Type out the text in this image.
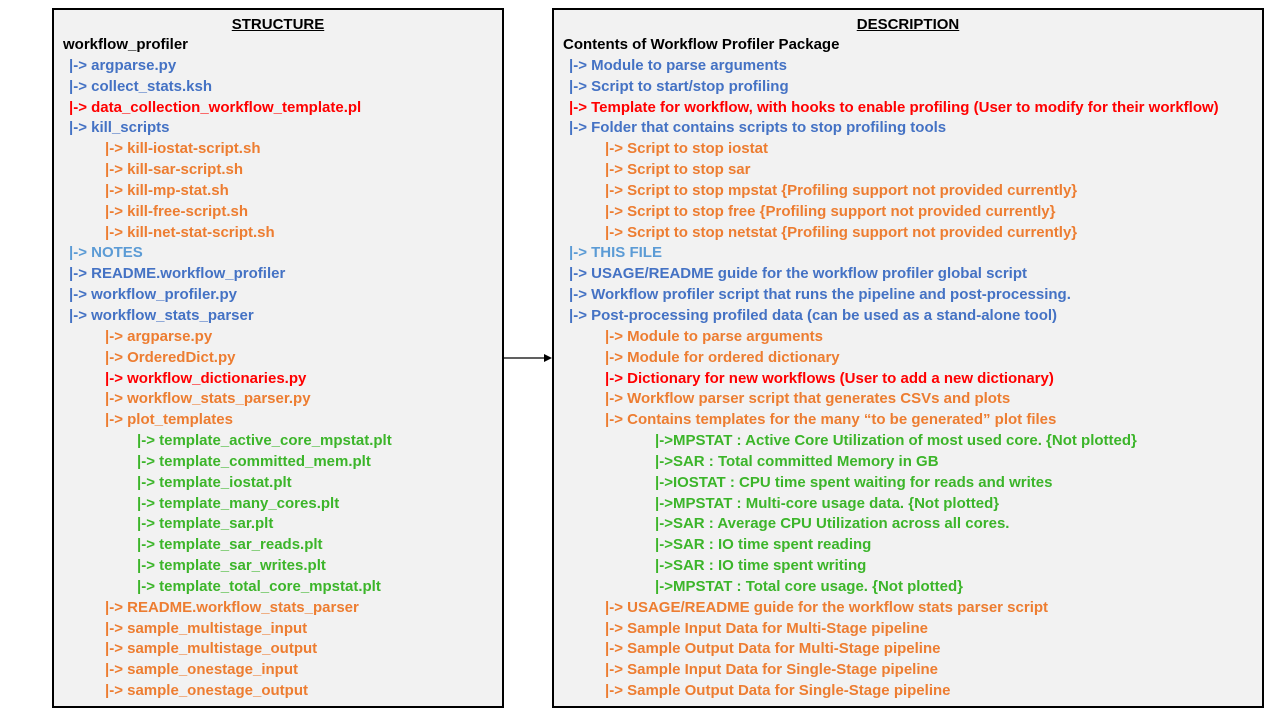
STRUCTURE
workflow_profiler
|-> argparse.py
|-> collect_stats.ksh
|-> data_collection_workflow_template.pl
|-> kill_scripts
|-> kill-iostat-script.sh
|-> kill-sar-script.sh
|-> kill-mp-stat.sh
|-> kill-free-script.sh
|-> kill-net-stat-script.sh
|-> NOTES
|-> README.workflow_profiler
|-> workflow_profiler.py
|-> workflow_stats_parser
|-> argparse.py
|-> OrderedDict.py
|-> workflow_dictionaries.py
|-> workflow_stats_parser.py
|-> plot_templates
|-> template_active_core_mpstat.plt
|-> template_committed_mem.plt
|-> template_iostat.plt
|-> template_many_cores.plt
|-> template_sar.plt
|-> template_sar_reads.plt
|-> template_sar_writes.plt
|-> template_total_core_mpstat.plt
|-> README.workflow_stats_parser
|-> sample_multistage_input
|-> sample_multistage_output
|-> sample_onestage_input
|-> sample_onestage_output
DESCRIPTION
Contents of Workflow Profiler Package
|-> Module to parse arguments
|-> Script to start/stop profiling
|-> Template for workflow, with hooks to enable profiling (User to modify for their workflow)
|-> Folder that contains scripts to stop profiling tools
|-> Script to stop iostat
|-> Script to stop sar
|-> Script to stop mpstat {Profiling support not provided currently}
|-> Script to stop free {Profiling support not provided currently}
|-> Script to stop netstat {Profiling support not provided currently}
|-> THIS FILE
|-> USAGE/README guide for the workflow profiler global script
|-> Workflow profiler script that runs the pipeline and post-processing.
|-> Post-processing profiled data (can be used as a stand-alone tool)
|-> Module to parse arguments
|-> Module for ordered dictionary
|-> Dictionary for new workflows (User to add a new dictionary)
|-> Workflow parser script that generates CSVs and plots
|-> Contains templates for the many “to be generated” plot files
|->MPSTAT : Active Core Utilization of most used core. {Not plotted}
|->SAR : Total committed Memory in GB
|->IOSTAT : CPU time spent waiting for reads and writes
|->MPSTAT : Multi-core usage data. {Not plotted}
|->SAR : Average CPU Utilization across all cores.
|->SAR : IO time spent reading
|->SAR : IO time spent writing
|->MPSTAT : Total core usage. {Not plotted}
|-> USAGE/README guide for the workflow stats parser script
|-> Sample Input Data for Multi-Stage pipeline
|-> Sample Output Data for Multi-Stage pipeline
|-> Sample Input Data for Single-Stage pipeline
|-> Sample Output Data for Single-Stage pipeline
